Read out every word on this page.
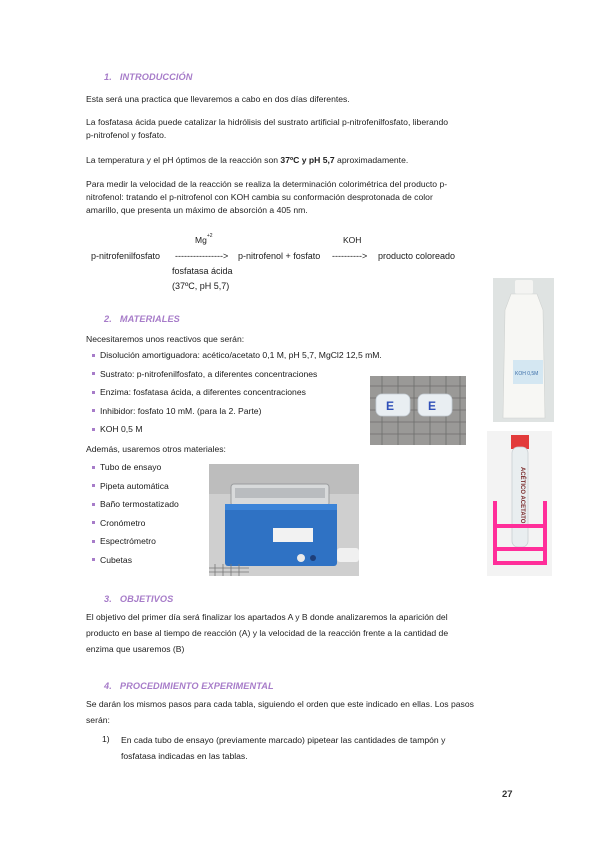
1. INTRODUCCIÓN
Esta será una practica que llevaremos a cabo en dos días diferentes.
La fosfatasa ácida puede catalizar la hidrólisis del sustrato artificial p-nitrofenilfosfato, liberando
p-nitrofenol y fosfato.
La temperatura y el pH óptimos de la reacción son 37ºC y pH 5,7 aproximadamente.
Para medir la velocidad de la reacción se realiza la determinación colorimétrica del producto p-
nitrofenol: tratando el p-nitrofenol con KOH cambia su conformación desprotonada de color
amarillo, que presenta un máximo de absorción a 405 nm.
$Mg^{+2}$	KOH
p-nitrofenilfosfato ----------------> p-nitrofenol + fosfato ----------> producto coloreado
fosfatasa ácida
(37ºC, pH 5,7)
KOH 0,5M
2. MATERIALES
Necesitaremos unos reactivos que serán:
Disolución amortiguadora: acético/acetato 0,1 M, pH 5,7, MgCl2 12,5 mM.
Sustrato: p-nitrofenilfosfato, a diferentes concentraciones
Enzima: fosfatasa ácida, a diferentes concentraciones
Inhibidor: fosfato 10 mM. (para la 2. Parte)
KOH 0,5 M
Además, usaremos otros materiales:
Tubo de ensayo
Pipeta automática
Baño termostatizado
Cronómetro
Espectrómetro
Cubetas
E	E
ACÉTICO ACETATO
3. OBJETIVOS
El objetivo del primer día será finalizar los apartados A y B donde analizaremos la aparición del
producto en base al tiempo de reacción (A) y la velocidad de la reacción frente a la cantidad de
enzima que usaremos (B)
4. PROCEDIMIENTO EXPERIMENTAL
Se darán los mismos pasos para cada tabla, siguiendo el orden que este indicado en ellas. Los pasos
serán:
1) En cada tubo de ensayo (previamente marcado) pipetear las cantidades de tampón y
fosfatasa indicadas en las tablas.
27
